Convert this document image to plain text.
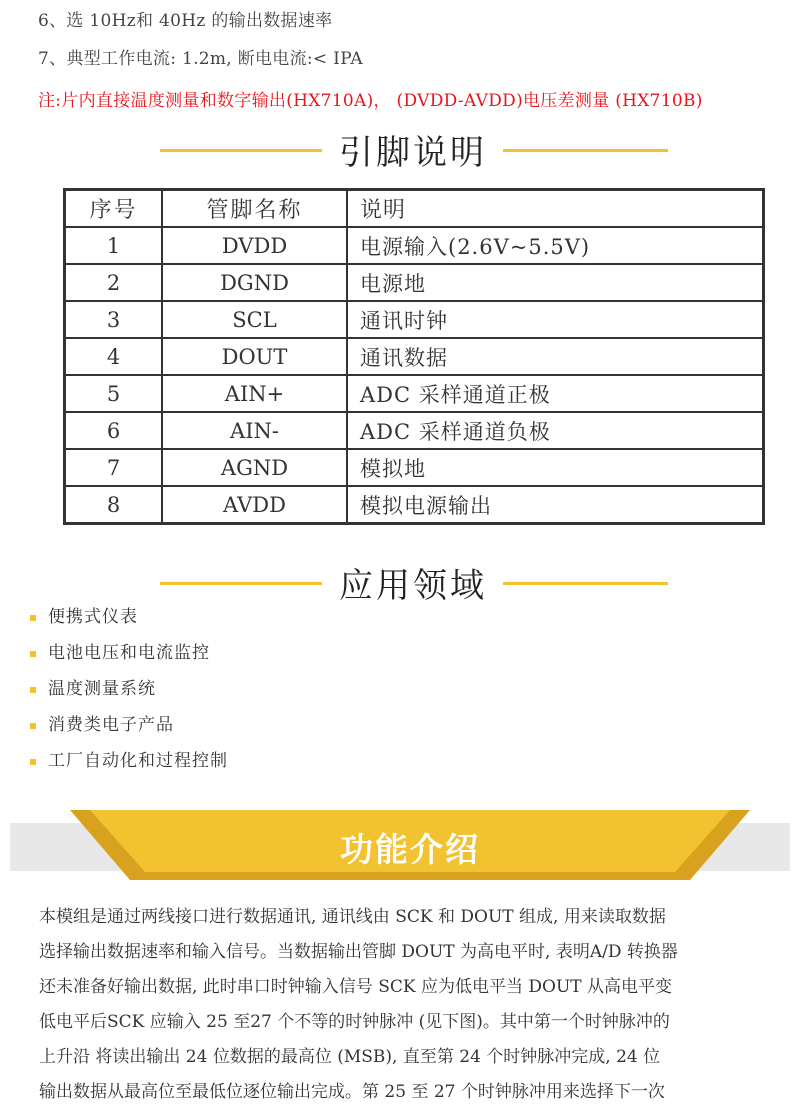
6、选 10Hz和 40Hz 的输出数据速率
7、典型工作电流: 1.2m, 断电电流:< IPA
注:片内直接温度测量和数字输出(HX710A)， (DVDD-AVDD)电压差测量 (HX710B)
引脚说明
序号	管脚名称	说明
1	DVDD	电源输入(2.6V~5.5V)
2	DGND	电源地
3	SCL	通讯时钟
4	DOUT	通讯数据
5	AIN+	ADC 采样通道正极
6	AIN-	ADC 采样通道负极
7	AGND	模拟地
8	AVDD	模拟电源输出
应用领域
便携式仪表
电池电压和电流监控
温度测量系统
消费类电子产品
工厂自动化和过程控制
功能介绍

本模组是通过两线接口进行数据通讯, 通讯线由 SCK 和 DOUT 组成, 用来读取数据

选择输出数据速率和输入信号。当数据输出管脚 DOUT 为高电平时, 表明A/D 转换器

还未准备好输出数据, 此时串口时钟输入信号 SCK 应为低电平当 DOUT 从高电平变

低电平后SCK 应输入 25 至27 个不等的时钟脉冲 (见下图)。其中第一个时钟脉冲的

上升沿 将读出输出 24 位数据的最高位 (MSB), 直至第 24 个时钟脉冲完成, 24 位

输出数据从最高位至最低位逐位输出完成。第 25 至 27 个时钟脉冲用来选择下一次
